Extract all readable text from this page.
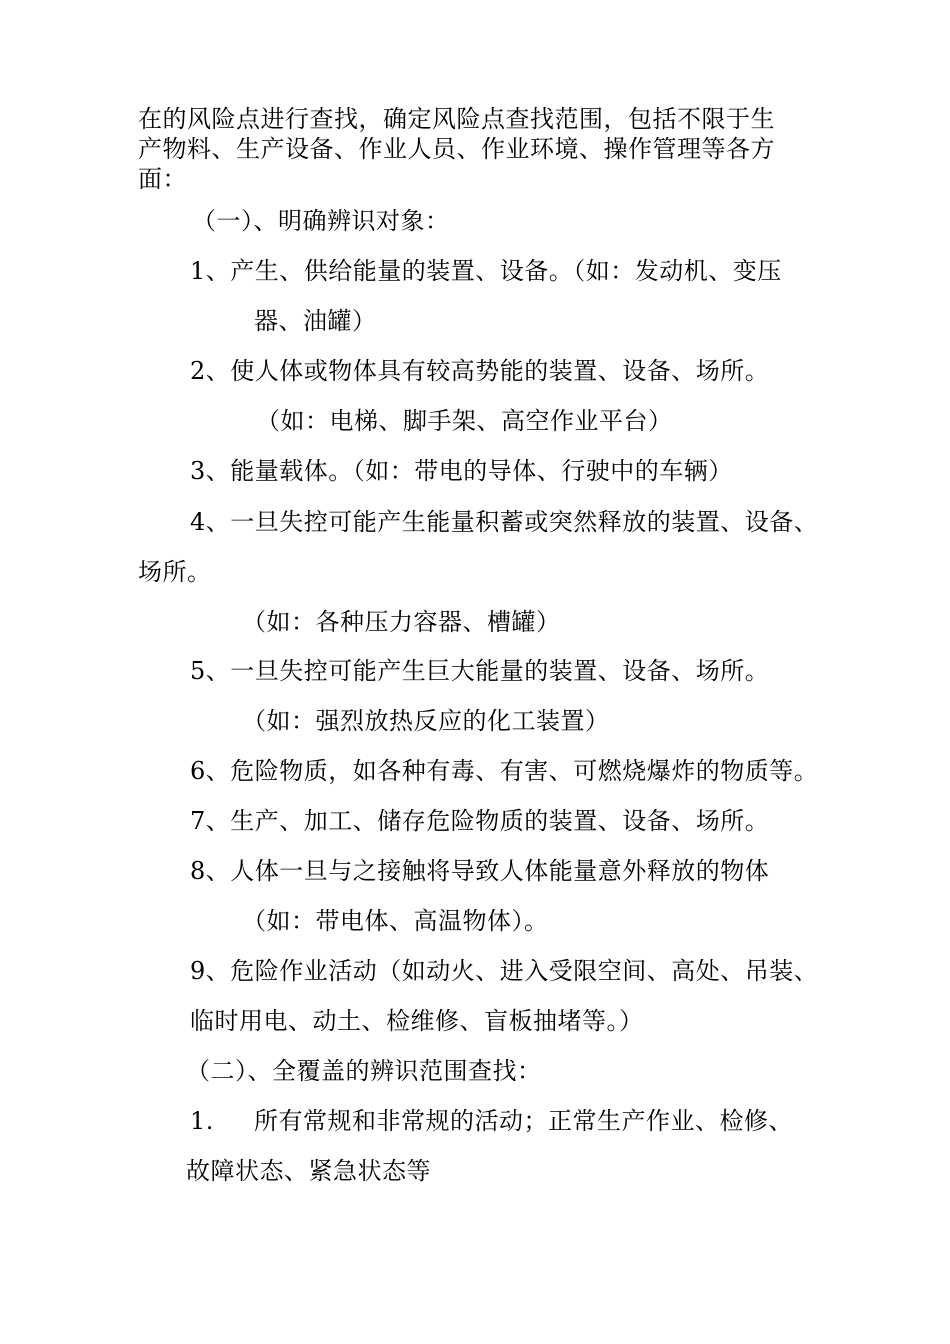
在的风险点进行查找，确定风险点查找范围，包括不限于生
产物料、生产设备、作业人员、作业环境、操作管理等各方
面：
（一）、明确辨识对象：
1、产生、供给能量的装置、设备。（如：发动机、变压
器、油罐）
2、使人体或物体具有较高势能的装置、设备、场所。
（如：电梯、脚手架、高空作业平台）
3、能量载体。（如：带电的导体、行驶中的车辆）
4、一旦失控可能产生能量积蓄或突然释放的装置、设备、
场所。
（如：各种压力容器、槽罐）
5、一旦失控可能产生巨大能量的装置、设备、场所。
（如：强烈放热反应的化工装置）
6、危险物质，如各种有毒、有害、可燃烧爆炸的物质等。
7、生产、加工、储存危险物质的装置、设备、场所。
8、人体一旦与之接触将导致人体能量意外释放的物体
（如：带电体、高温物体）。
9、危险作业活动（如动火、进入受限空间、高处、吊装、
临时用电、动土、检维修、盲板抽堵等。）
（二）、全覆盖的辨识范围查找：
1. 所有常规和非常规的活动；正常生产作业、检修、
故障状态、紧急状态等
